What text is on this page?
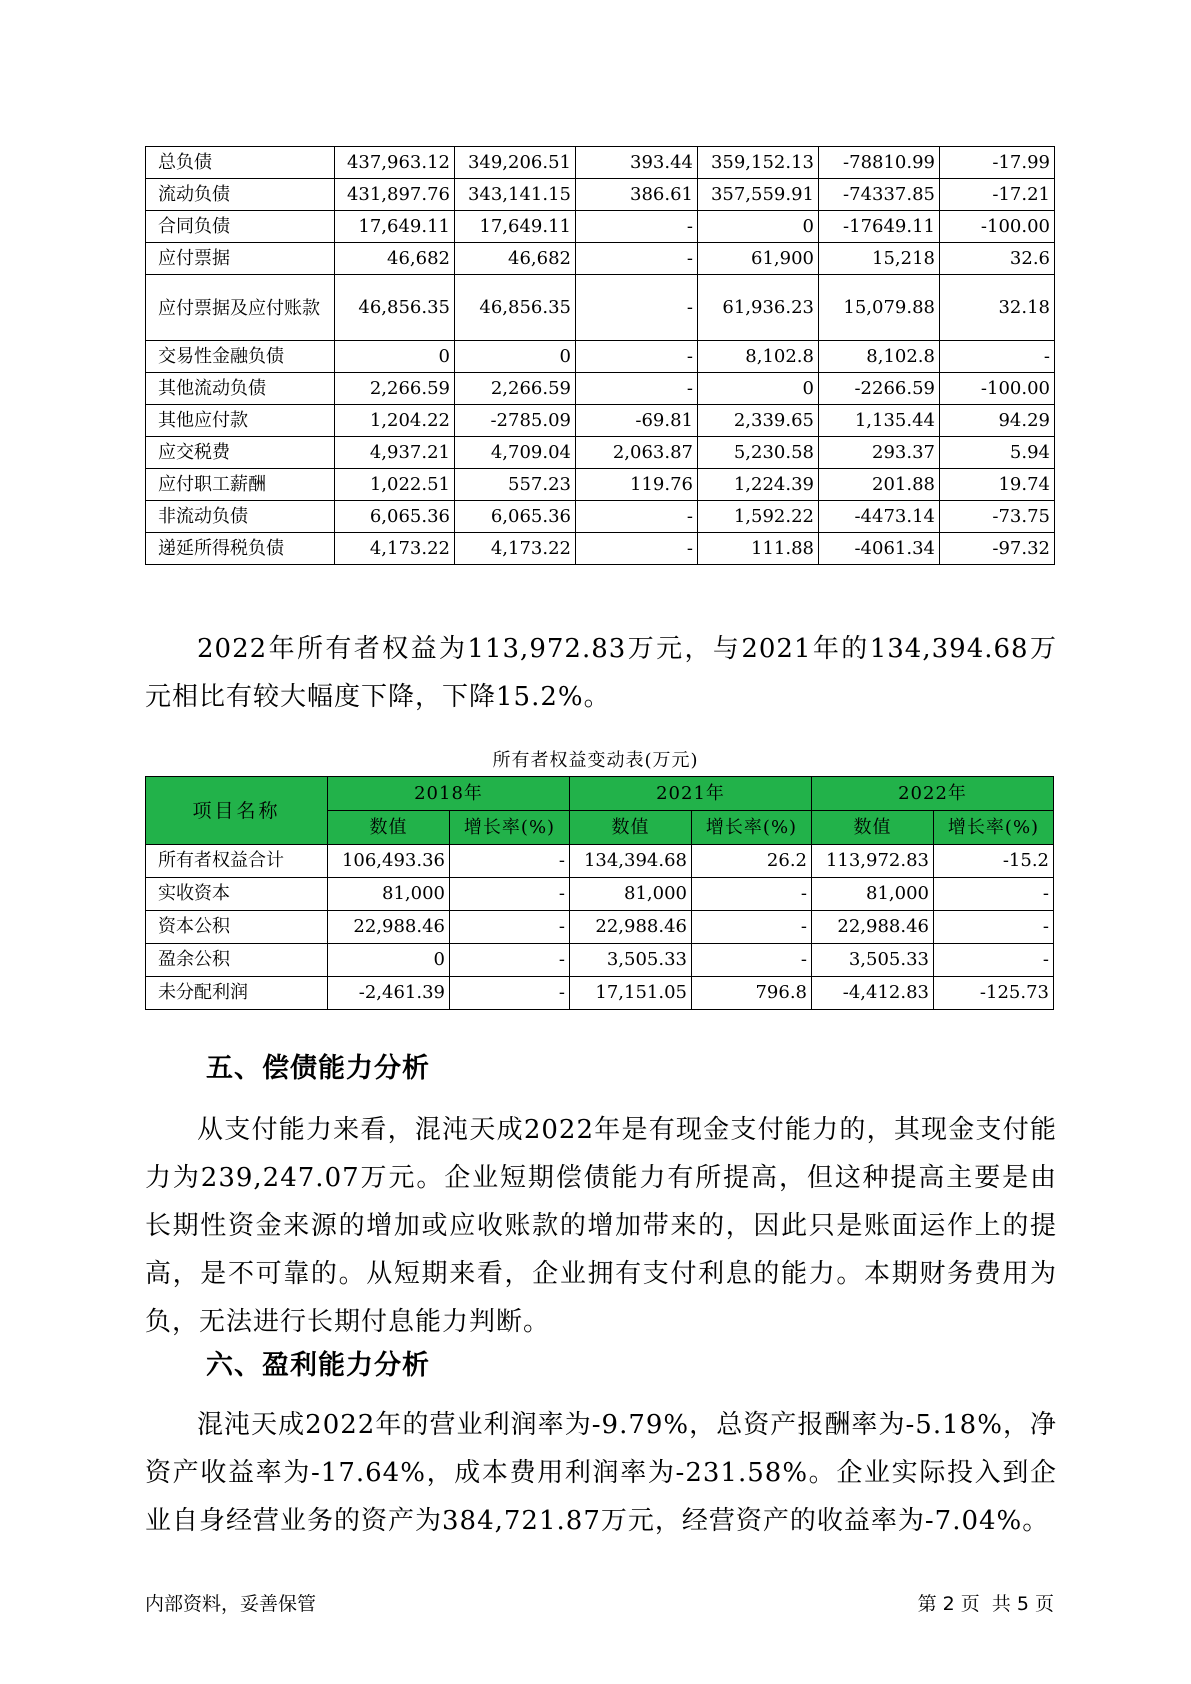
总负债	437,963.12	349,206.51	393.44	359,152.13	-78810.99	-17.99
流动负债	431,897.76	343,141.15	386.61	357,559.91	-74337.85	-17.21
合同负债	17,649.11	17,649.11	-	0	-17649.11	-100.00
应付票据	46,682	46,682	-	61,900	15,218	32.6
应付票据及应付账款	46,856.35	46,856.35	-	61,936.23	15,079.88	32.18
交易性金融负债	0	0	-	8,102.8	8,102.8	-
其他流动负债	2,266.59	2,266.59	-	0	-2266.59	-100.00
其他应付款	1,204.22	-2785.09	-69.81	2,339.65	1,135.44	94.29
应交税费	4,937.21	4,709.04	2,063.87	5,230.58	293.37	5.94
应付职工薪酬	1,022.51	557.23	119.76	1,224.39	201.88	19.74
非流动负债	6,065.36	6,065.36	-	1,592.22	-4473.14	-73.75
递延所得税负债	4,173.22	4,173.22	-	111.88	-4061.34	-97.32

2022年所有者权益为113,972.83万元，与2021年的134,394.68万元相比有较大幅度下降，下降15.2%。

所有者权益变动表(万元)
项目名称	2018年		2021年		2022年	
	数值	增长率(%)	数值	增长率(%)	数值	增长率(%)
所有者权益合计	106,493.36	-	134,394.68	26.2	113,972.83	-15.2
实收资本	81,000	-	81,000	-	81,000	-
资本公积	22,988.46	-	22,988.46	-	22,988.46	-
盈余公积	0	-	3,505.33	-	3,505.33	-
未分配利润	-2,461.39	-	17,151.05	796.8	-4,412.83	-125.73
五、偿债能力分析

从支付能力来看，混沌天成2022年是有现金支付能力的，其现金支付能力为239,247.07万元。企业短期偿债能力有所提高，但这种提高主要是由长期性资金来源的增加或应收账款的增加带来的，因此只是账面运作上的提高，是不可靠的。从短期来看，企业拥有支付利息的能力。本期财务费用为负，无法进行长期付息能力判断。

六、盈利能力分析

混沌天成2022年的营业利润率为-9.79%，总资产报酬率为-5.18%，净资产收益率为-17.64%，成本费用利润率为-231.58%。企业实际投入到企业自身经营业务的资产为384,721.87万元，经营资产的收益率为-7.04%。

内部资料，妥善保管	第 2 页  共 5 页
